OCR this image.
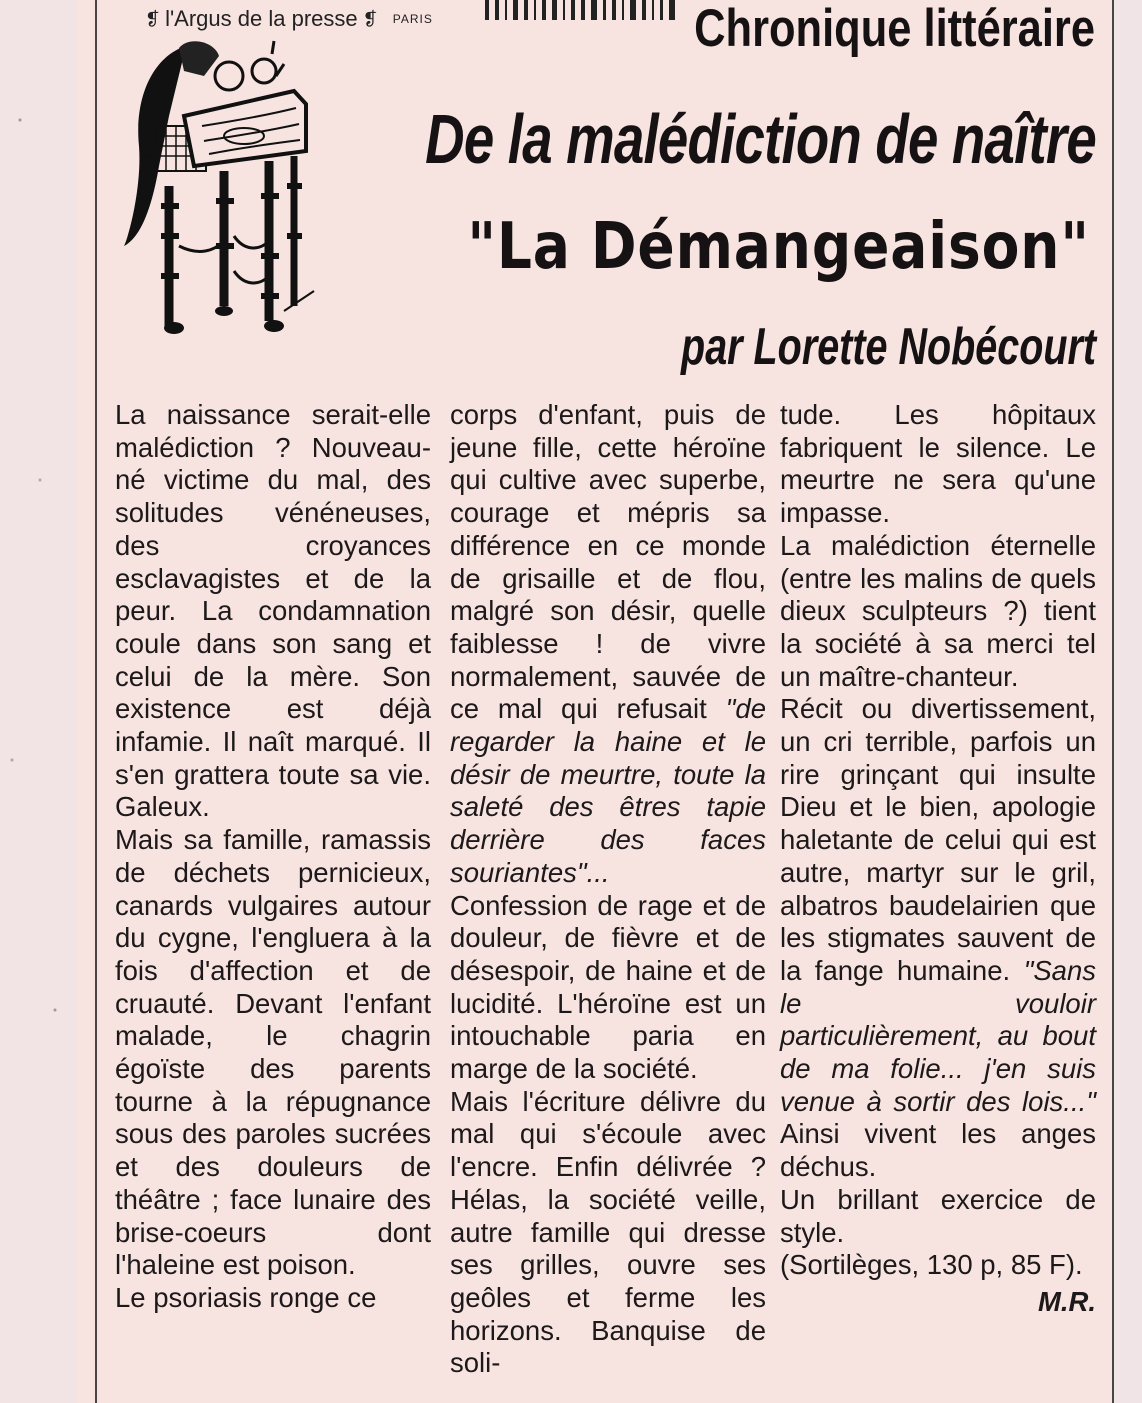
❡ l'Argus de la presse ❡ PARIS	Chronique littéraire
De la malédiction de naître
"La Démangeaison"
par Lorette Nobécourt

La naissance serait-elle malédiction ? Nouveau-né victime du mal, des solitudes vénéneuses, des croyances esclavagistes et de la peur. La condamnation coule dans son sang et celui de la mère. Son existence est déjà infamie. Il naît marqué. Il s'en grattera toute sa vie. Galeux.

Mais sa famille, ramassis de déchets pernicieux, canards vulgaires autour du cygne, l'engluera à la fois d'affection et de cruauté. Devant l'enfant malade, le chagrin égoïste des parents tourne à la répugnance sous des paroles sucrées et des douleurs de théâtre ; face lunaire des brise-coeurs dont l'haleine est poison.

Le psoriasis ronge ce

corps d'enfant, puis de jeune fille, cette héroïne qui cultive avec superbe, courage et mépris sa différence en ce monde de grisaille et de flou, malgré son désir, quelle faiblesse ! de vivre normalement, sauvée de ce mal qui refusait "de regarder la haine et le désir de meurtre, toute la saleté des êtres tapie derrière des faces souriantes"...

Confession de rage et de douleur, de fièvre et de désespoir, de haine et de lucidité. L'héroïne est un intouchable paria en marge de la société.

Mais l'écriture délivre du mal qui s'écoule avec l'encre. Enfin délivrée ? Hélas, la société veille, autre famille qui dresse ses grilles, ouvre ses geôles et ferme les horizons. Banquise de soli-

tude. Les hôpitaux fabriquent le silence. Le meurtre ne sera qu'une impasse.

La malédiction éternelle (entre les malins de quels dieux sculpteurs ?) tient la société à sa merci tel un maître-chanteur.

Récit ou divertissement, un cri terrible, parfois un rire grinçant qui insulte Dieu et le bien, apologie haletante de celui qui est autre, martyr sur le gril, albatros baudelairien que les stigmates sauvent de la fange humaine. "Sans le vouloir particulièrement, au bout de ma folie... j'en suis venue à sortir des lois..." Ainsi vivent les anges déchus.

Un brillant exercice de style.

(Sortilèges, 130 p, 85 F).

M.R.
